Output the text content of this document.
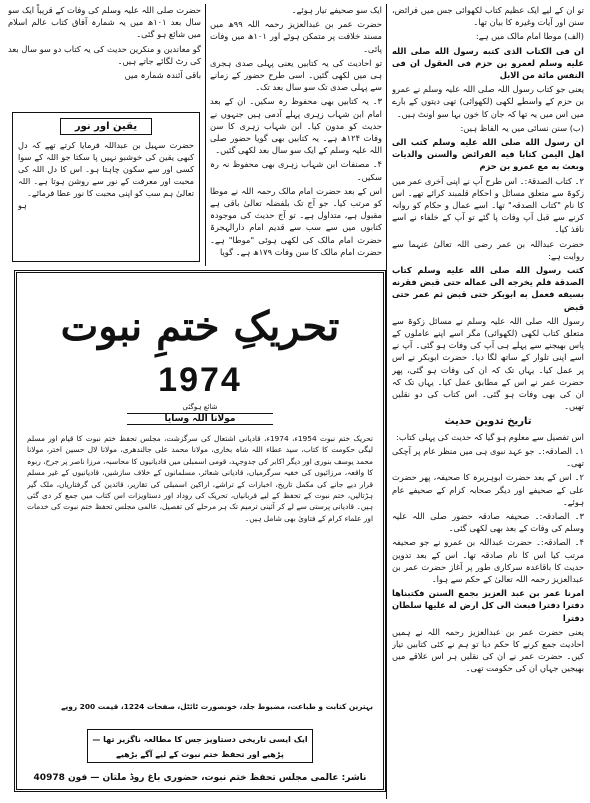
تو ان کے لیے ایک عظیم کتاب لکھوائی جس میں فرائض، سنن اور آیات وغیرہ کا بیان تھا۔

(الف) موطا امام مالک میں ہے:

ان فی الکتاب الذی کتبه رسول الله صلی الله علیه وسلم لعمرو بن حزم فی العقول ان فی النفس مائة من الابل

یعنی جو کتاب رسول اللہ صلی اللہ علیہ وسلم نے عمرو بن حزم کے واسطے لکھی (لکھوائی) تھی دیتوں کے بارے میں اس میں یہ تھا کہ جان کا خون بہا سو اونٹ ہیں۔

(ب) سنن نسائی میں یہ الفاظ ہیں:

ان رسول الله صلی الله علیه وسلم کتب الی اهل الیمن کتابا فیه الفرائض والسنن والدیات وبعث به مع عمرو بن حزم

۲۔ کتاب الصدقۃ:۔ اس طرح آپ نے اپنی آخری عمر میں زکوۃ سے متعلق مسائل و احکام قلمبند کرائے تھے۔ اس کا نام "کتاب الصدقہ" تھا۔ اسے عمال و حکام کو روانہ کرنے سے قبل آپ وفات پا گئے تو آپ کے خلفاء نے اسے نافذ کیا۔

حضرت عبداللہ بن عمر رضی اللہ تعالیٰ عنہما سے روایت ہے:

کتب رسول الله صلی الله علیه وسلم کتاب الصدقة فلم یخرجه الی عماله حتی قبض فقرنه بسیفه فعمل به ابوبکر حتی قبض ثم عمر حتی قبض

رسول اللہ صلی اللہ علیہ وسلم نے مسائل زکوۃ سے متعلق کتاب لکھی (لکھوائی) مگر اسے اپنے عاملوں کے پاس بھیجنے سے پہلے ہی آپ کی وفات ہو گئی۔ آپ نے اسے اپنی تلوار کے ساتھ لگا دیا۔ حضرت ابوبکر نے اس پر عمل کیا۔ یہاں تک کہ ان کی وفات ہو گئی، پھر حضرت عمر نے اس کے مطابق عمل کیا۔ یہاں تک کہ ان کی بھی وفات ہو گئی۔ اس کتاب کی دو نقلیں تھیں۔

تاریخ تدوین حدیث

اس تفصیل سے معلوم ہو گیا کہ حدیث کی پہلی کتاب:

۱۔ الصادقہ:۔ جو عہد نبوی ہی میں منظر عام پر آچکی تھی۔

۲۔ اس کے بعد حضرت ابوہریرہ کا صحیفہ، پھر حضرت علی کے صحیفے اور دیگر صحابہ کرام کے صحیفے عام ہوئے۔

۳۔ الصادقہ:۔ صحیفہ صادقہ حضور صلی اللہ علیہ وسلم کی وفات کے بعد بھی لکھی گئی۔

۴۔ الصادقہ:۔ حضرت عبداللہ بن عمرو نے جو صحیفہ مرتب کیا اس کا نام صادقہ تھا۔ اس کے بعد تدوین حدیث کا باقاعدہ سرکاری طور پر آغاز حضرت عمر بن عبدالعزیز رحمہ اللہ تعالیٰ کے حکم سے ہوا۔

امرنا عمر بن عبد العزیز بجمع السنن فکتبناها دفترا دفترا فبعث الی کل ارض له علیها سلطان دفترا

یعنی حضرت عمر بن عبدالعزیز رحمہ اللہ نے ہمیں احادیث جمع کرنے کا حکم دیا تو ہم نے کئی کتابیں تیار کیں۔ حضرت عمر نے ان کی نقلیں ہر اس علاقے میں بھیجیں جہاں ان کی حکومت تھی۔

ایک سو صحیفے تیار ہوئے۔

حضرت عمر بن عبدالعزیز رحمہ اللہ ۹۹ھ میں مسند خلافت پر متمکن ہوئے اور ۱۰۱ھ میں وفات پائی۔

تو احادیث کی یہ کتابیں یعنی پہلی صدی ہجری ہی میں لکھی گئیں۔ اسی طرح حضور کے زمانے سے پہلی صدی تک سو سال بعد تک۔

۳۔ یہ کتابیں بھی محفوظ رہ سکیں۔ ان کے بعد امام ابن شہاب زہری پہلے آدمی ہیں جنہوں نے حدیث کو مدون کیا۔ ابن شہاب زہری کا سن وفات ۱۲۴ھ ہے۔ یہ کتابیں بھی گویا حضور صلی اللہ علیہ وسلم کے ایک سو سال بعد لکھی گئیں۔

۴۔ مصنفات ابن شہاب زہری بھی محفوظ نہ رہ سکیں۔

اس کے بعد حضرت امام مالک رحمہ اللہ نے موطا کو مرتب کیا۔ جو آج تک بلفضلہ تعالیٰ باقی ہے مقبول ہے، متداول ہے۔ تو آج حدیث کی موجودہ کتابوں میں سے سب سے قدیم امام دارالہجرۃ حضرت امام مالک کی لکھی ہوئی "موطا" ہے۔ حضرت امام مالک کا سن وفات ۱۷۹ھ ہے۔ گویا

حضرت صلی اللہ علیہ وسلم کی وفات کے قریباً ایک سو سال بعد ۱۰۱ھ میں یہ شمارہ آفاق کتاب عالم اسلام میں شائع ہو گئی۔

گو معاندین و منکرین حدیث کی یہ کتاب دو سو سال بعد کی رٹ لگائے جاتے ہیں۔

باقی آئندہ شمارہ میں

یقین اور نور
حضرت سہیل بن عبداللہ فرمایا کرتے تھے کہ دل کبھی یقین کی خوشبو نہیں پا سکتا جو اللہ کے سوا کسی اور سے سکون چاہتا ہو۔ اس کا دل اللہ کی محبت اور معرفت کے نور سے روشن ہوتا ہے۔ اللہ تعالیٰ ہم سب کو اپنی محبت کا نور عطا فرمائے۔
ہو
تحریکِ ختمِ نبوت
1974
شائع ہوگئی
مولانا اللہ وسایا
تحریک ختم نبوت 1954ء، 1974ء، قادیانی اشتعال کی سرگزشت، مجلس تحفظ ختم نبوت کا قیام اور مسلم لیگی حکومت کا کتاب، سید عطاء اللہ شاہ بخاری، مولانا محمد علی جالندھری، مولانا لال حسین اختر، مولانا محمد یوسف بنوری اور دیگر اکابر کی جدوجہد، قومی اسمبلی میں قادیانیوں کا محاسبہ، مرزا ناصر پر جرح، ربوہ کا واقعہ، مرزائیوں کی خفیہ سرگرمیاں، قادیانی شعائر، مسلمانوں کے خلاف سازشیں، قادیانیوں کے غیر مسلم قرار دیے جانے کی مکمل تاریخ، اخبارات کے تراشے، اراکین اسمبلی کی تقاریر، قائدین کی گرفتاریاں، ملک گیر ہڑتالیں، ختم نبوت کے تحفظ کے لیے قربانیاں، تحریک کی روداد اور دستاویزات اس کتاب میں جمع کر دی گئی ہیں۔ قادیانی پرستی سے لے کر آئینی ترمیم تک ہر مرحلے کی تفصیل، عالمی مجلس تحفظ ختم نبوت کی خدمات اور علماء کرام کے فتاویٰ بھی شامل ہیں۔
بہترین کتابت و طباعت، مضبوط جلد، خوبصورت ٹائٹل، صفحات 1224، قیمت 200 روپے
ایک ایسی تاریخی دستاویز جس کا مطالعہ ناگزیر تھا — پڑھیے اور تحفظ ختم نبوت کے لیے آگے بڑھیے
ناشر: عالمی مجلس تحفظ ختم نبوت، حضوری باغ روڈ ملتان — فون 40978
